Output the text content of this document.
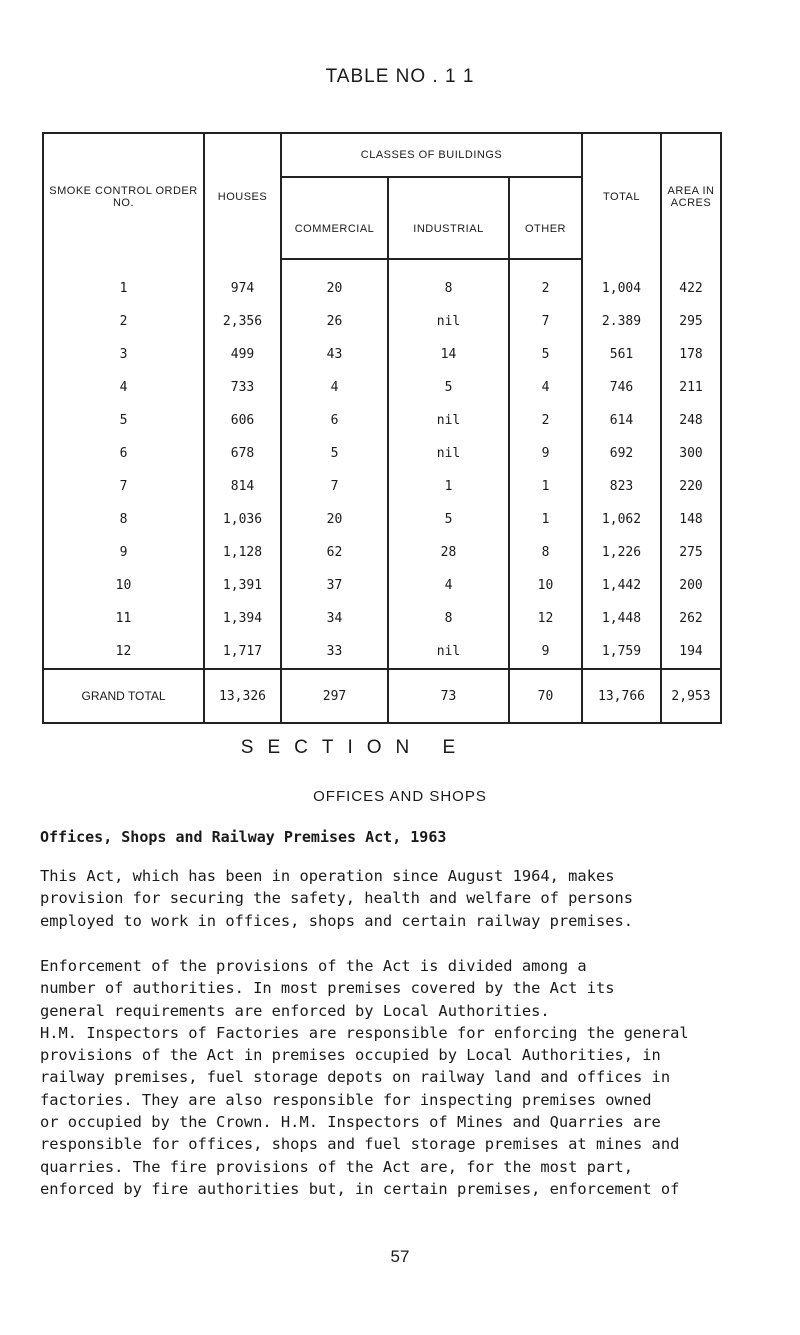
TABLE NO . 1 1
SMOKE CONTROL ORDER NO.	HOUSES	CLASSES OF BUILDINGS			TOTAL	AREA IN ACRES
		COMMERCIAL	INDUSTRIAL	OTHER		
1	974	20	8	2	1,004	422
2	2,356	26	nil	7	2.389	295
3	499	43	14	5	561	178
4	733	4	5	4	746	211
5	606	6	nil	2	614	248
6	678	5	nil	9	692	300
7	814	7	1	1	823	220
8	1,036	20	5	1	1,062	148
9	1,128	62	28	8	1,226	275
10	1,391	37	4	10	1,442	200
11	1,394	34	8	12	1,448	262
12	1,717	33	nil	9	1,759	194
GRAND TOTAL	13,326	297	73	70	13,766	2,953
SECTION E
OFFICES AND SHOPS
Offices, Shops and Railway Premises Act, 1963

This Act, which has been in operation since August 1964, makes
provision for securing the safety, health and welfare of persons
employed to work in offices, shops and certain railway premises.

Enforcement of the provisions of the Act is divided among a
number of authorities. In most premises covered by the Act its
general requirements are enforced by Local Authorities.
H.M. Inspectors of Factories are responsible for enforcing the general
provisions of the Act in premises occupied by Local Authorities, in
railway premises, fuel storage depots on railway land and offices in
factories. They are also responsible for inspecting premises owned
or occupied by the Crown. H.M. Inspectors of Mines and Quarries are
responsible for offices, shops and fuel storage premises at mines and
quarries. The fire provisions of the Act are, for the most part,
enforced by fire authorities but, in certain premises, enforcement of

57
